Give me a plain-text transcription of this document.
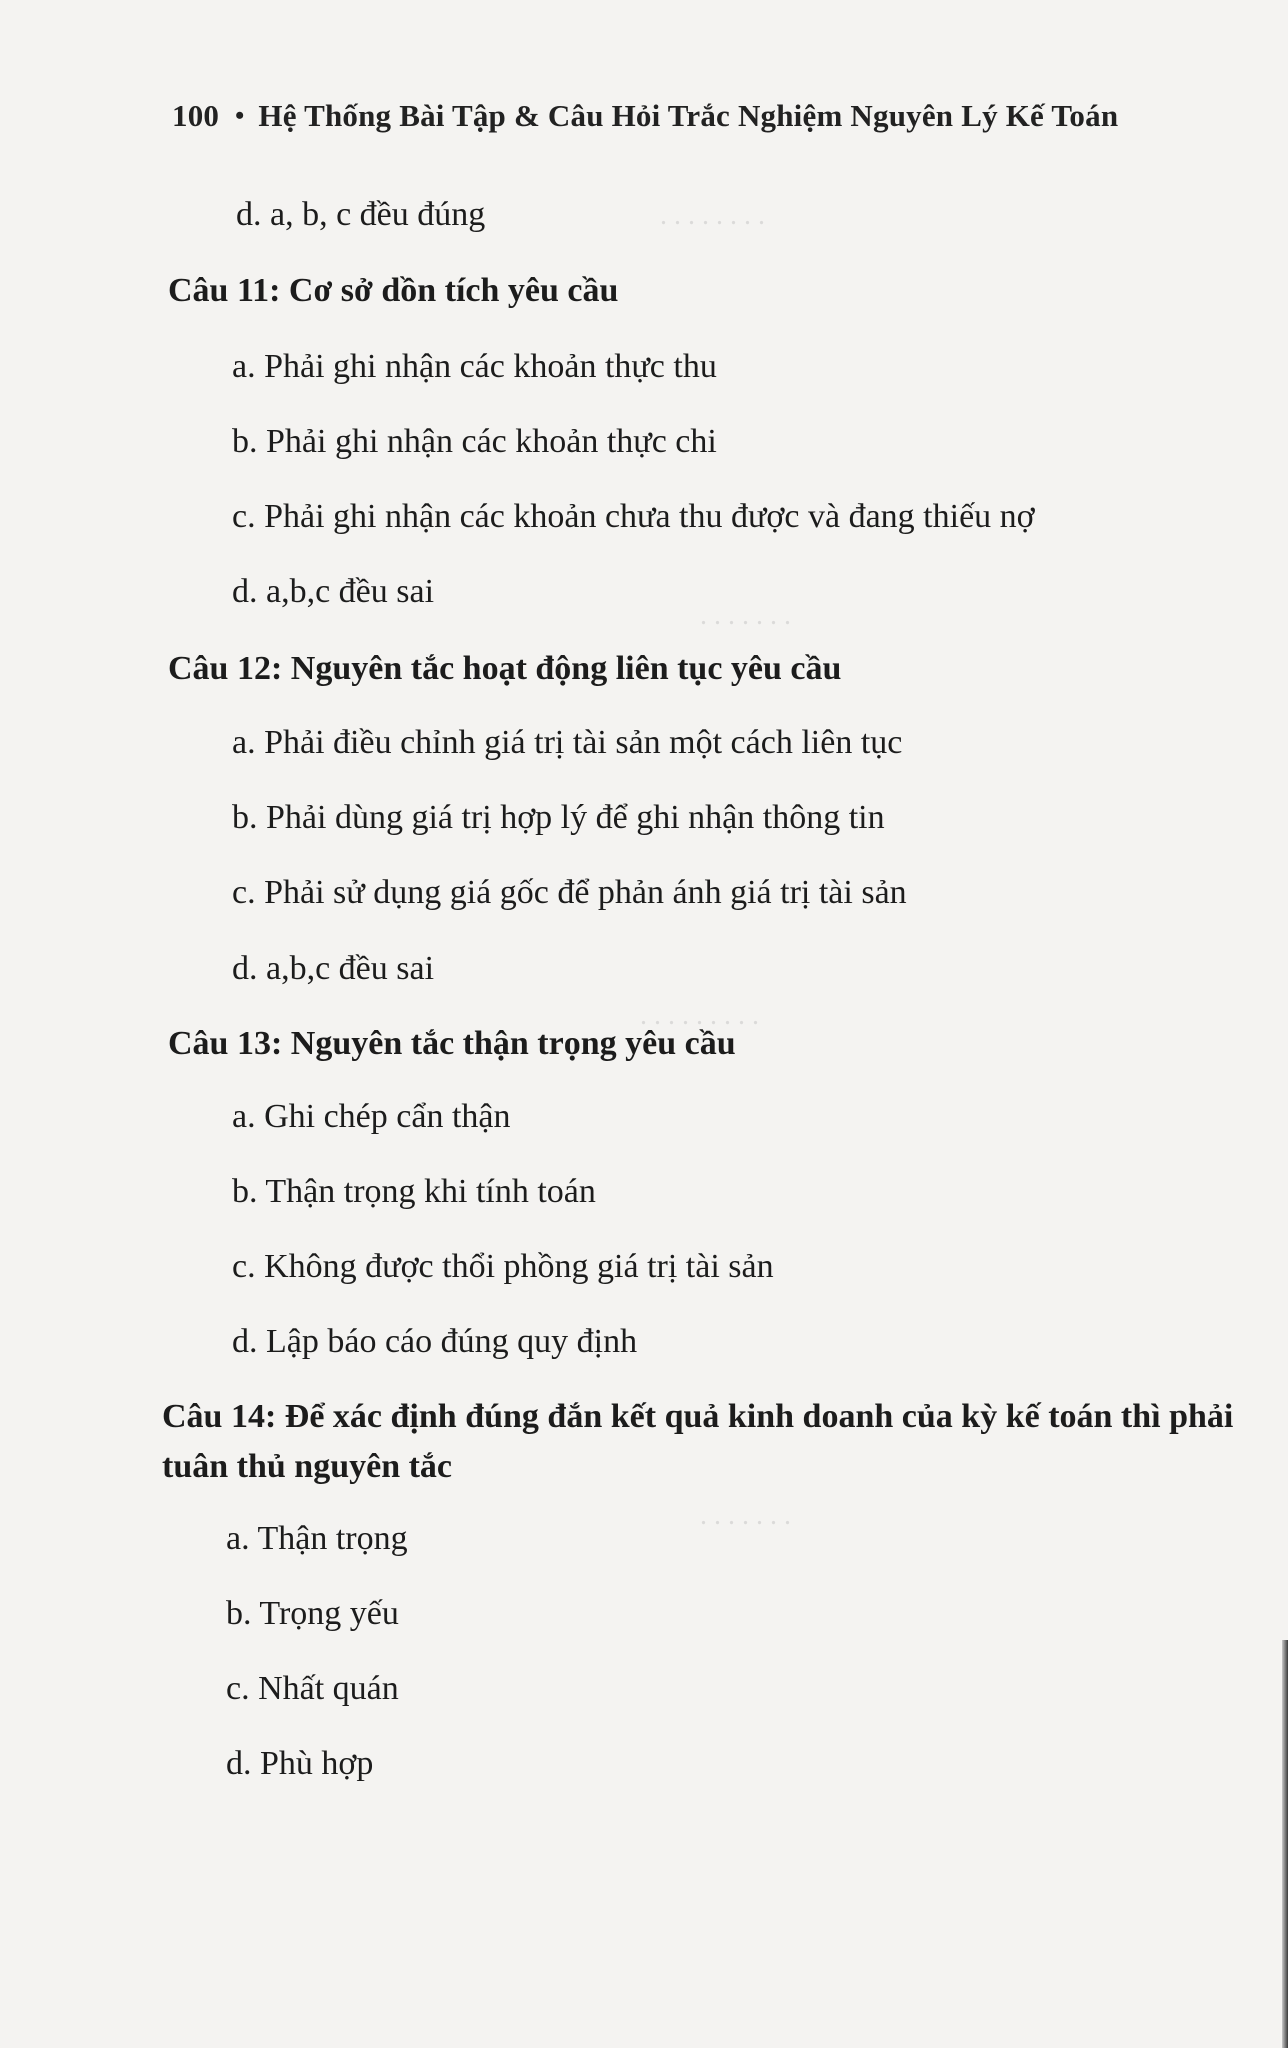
. . . . . . . .
. . . . . . .
. . . . . . . . .
. . . . . . .
100 • Hệ Thống Bài Tập & Câu Hỏi Trắc Nghiệm Nguyên Lý Kế Toán
d. a, b, c đều đúng
Câu 11: Cơ sở dồn tích yêu cầu
a. Phải ghi nhận các khoản thực thu
b. Phải ghi nhận các khoản thực chi
c. Phải ghi nhận các khoản chưa thu được và đang thiếu nợ
d. a,b,c đều sai
Câu 12: Nguyên tắc hoạt động liên tục yêu cầu
a. Phải điều chỉnh giá trị tài sản một cách liên tục
b. Phải dùng giá trị hợp lý để ghi nhận thông tin
c. Phải sử dụng giá gốc để phản ánh giá trị tài sản
d. a,b,c đều sai
Câu 13: Nguyên tắc thận trọng yêu cầu
a. Ghi chép cẩn thận
b. Thận trọng khi tính toán
c. Không được thổi phồng giá trị tài sản
d. Lập báo cáo đúng quy định
Câu 14: Để xác định đúng đắn kết quả kinh doanh của kỳ kế toán thì phải tuân thủ nguyên tắc
a. Thận trọng
b. Trọng yếu
c. Nhất quán
d. Phù hợp
